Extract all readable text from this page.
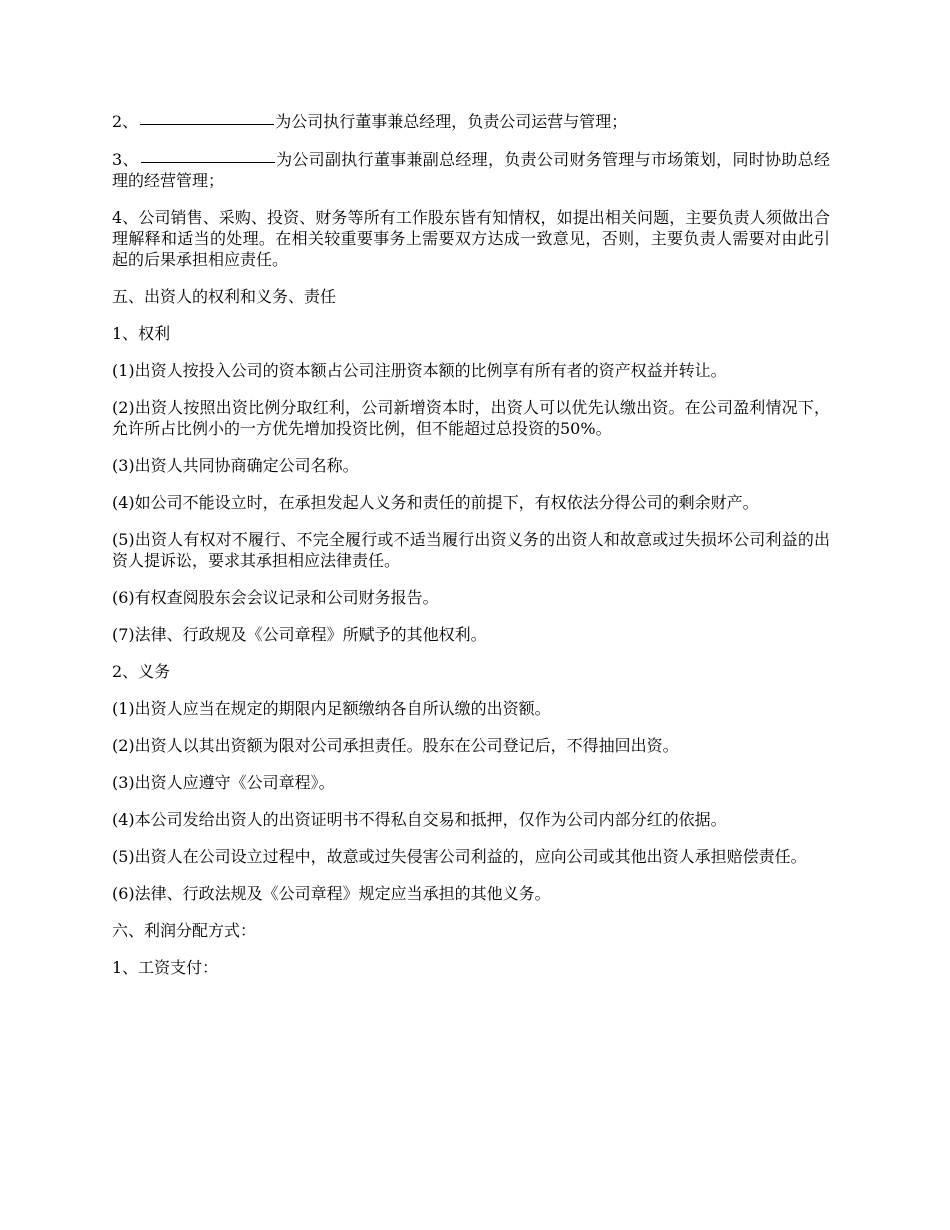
2、	为公司执行董事兼总经理，负责公司运营与管理；

3、	为公司副执行董事兼副总经理，负责公司财务管理与市场策划，同时协助总经理的经营管理；

4、公司销售、采购、投资、财务等所有工作股东皆有知情权，如提出相关问题，主要负责人须做出合理解释和适当的处理。在相关较重要事务上需要双方达成一致意见，否则，主要负责人需要对由此引起的后果承担相应责任。

五、出资人的权利和义务、责任

1、权利

(1)出资人按投入公司的资本额占公司注册资本额的比例享有所有者的资产权益并转让。

(2)出资人按照出资比例分取红利，公司新增资本时，出资人可以优先认缴出资。在公司盈利情况下，允许所占比例小的一方优先增加投资比例，但不能超过总投资的50%。

(3)出资人共同协商确定公司名称。

(4)如公司不能设立时，在承担发起人义务和责任的前提下，有权依法分得公司的剩余财产。

(5)出资人有权对不履行、不完全履行或不适当履行出资义务的出资人和故意或过失损坏公司利益的出资人提诉讼，要求其承担相应法律责任。

(6)有权查阅股东会会议记录和公司财务报告。

(7)法律、行政规及《公司章程》所赋予的其他权利。

2、义务

(1)出资人应当在规定的期限内足额缴纳各自所认缴的出资额。

(2)出资人以其出资额为限对公司承担责任。股东在公司登记后，不得抽回出资。

(3)出资人应遵守《公司章程》。

(4)本公司发给出资人的出资证明书不得私自交易和抵押，仅作为公司内部分红的依据。

(5)出资人在公司设立过程中，故意或过失侵害公司利益的，应向公司或其他出资人承担赔偿责任。

(6)法律、行政法规及《公司章程》规定应当承担的其他义务。

六、利润分配方式：

1、工资支付：
